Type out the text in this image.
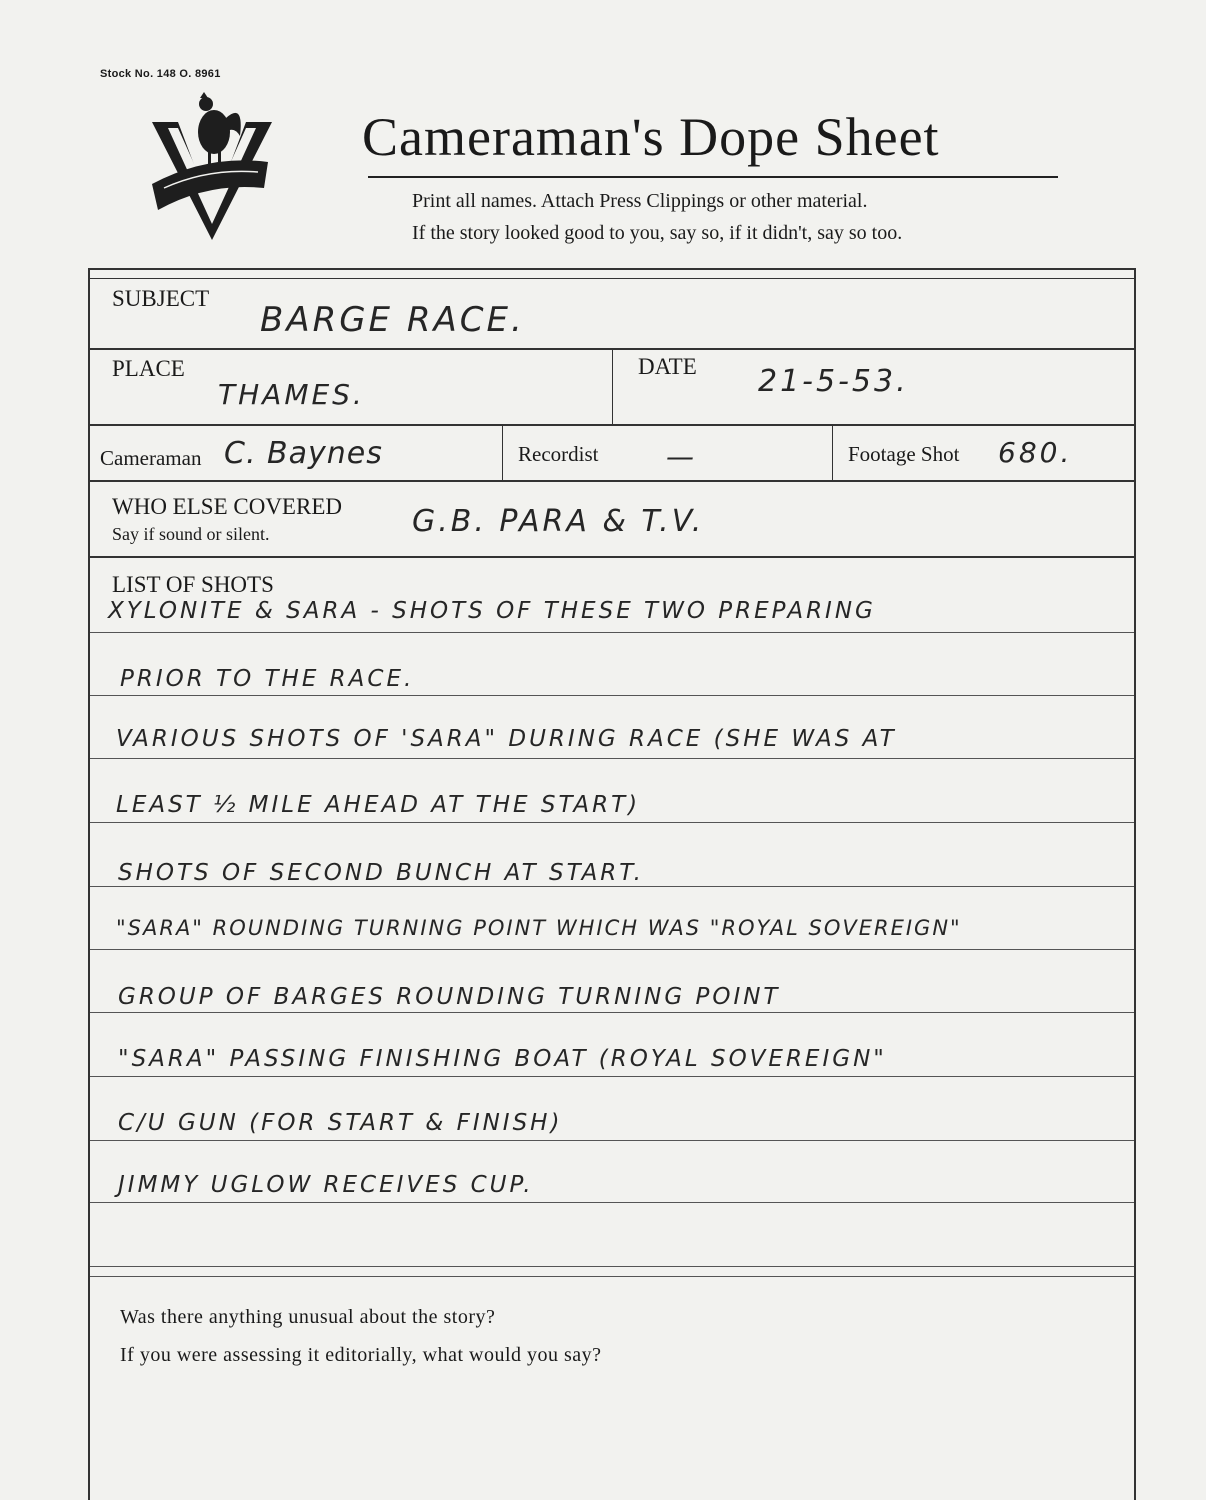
Stock No. 148 O. 8961
Cameraman's Dope Sheet
Print all names. Attach Press Clippings or other material.
If the story looked good to you, say so, if it didn't, say so too.
SUBJECT
BARGE RACE.
PLACE
THAMES.
DATE 21-5-53.
Cameraman C. Baynes	Recordist —	Footage Shot 680.
WHO ELSE COVERED
Say if sound or silent.	G.B. PARA & T.V.
LIST OF SHOTS
XYLONITE & SARA - SHOTS OF THESE TWO PREPARING
PRIOR TO THE RACE.
VARIOUS SHOTS OF 'SARA" DURING RACE (SHE WAS AT
LEAST ½ MILE AHEAD AT THE START)
SHOTS OF SECOND BUNCH AT START.
"SARA" ROUNDING TURNING POINT WHICH WAS "ROYAL SOVEREIGN"
GROUP OF BARGES ROUNDING TURNING POINT
"SARA" PASSING FINISHING BOAT (ROYAL SOVEREIGN"
C/U GUN (FOR START & FINISH)
JIMMY UGLOW RECEIVES CUP.
Was there anything unusual about the story?
If you were assessing it editorially, what would you say?
